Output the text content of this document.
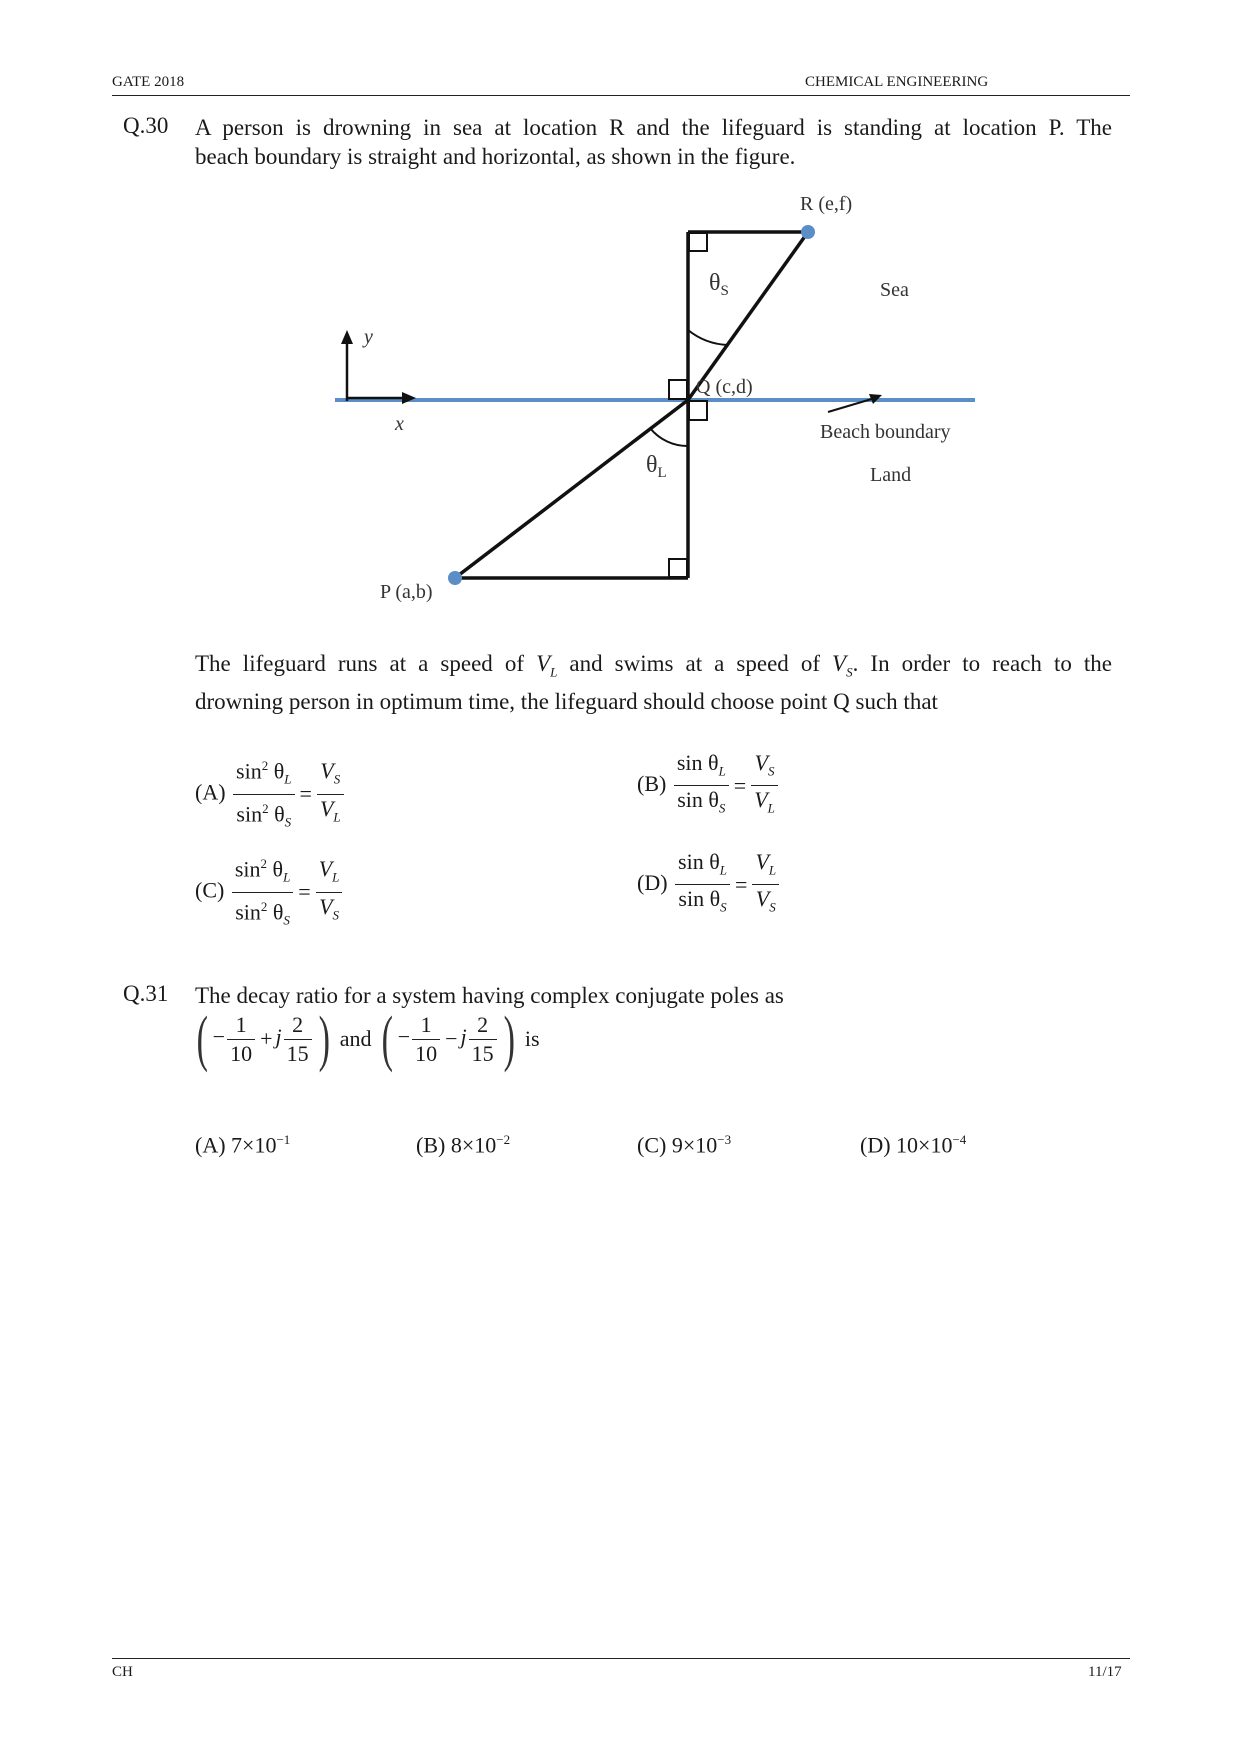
GATE 2018	CHEMICAL ENGINEERING
Q.30 A person is drowning in sea at location R and the lifeguard is standing at location P. The
beach boundary is straight and horizontal, as shown in the figure.
y
x
R (e,f)
Q (c,d)
P (a,b)
Sea
Land
Beach boundary
$\theta_S$
$\theta_L$
The lifeguard runs at a speed of $V_L$ and swims at a speed of $V_S$. In order to reach to the
drowning person in optimum time, the lifeguard should choose point Q such that
$(A) \frac{\sin^2 \theta_L}{\sin^2 \theta_S} = \frac{V_S}{V_L}$	$(B) \frac{\sin \theta_L}{\sin \theta_S} = \frac{V_S}{V_L}$
$(C) \frac{\sin^2 \theta_L}{\sin^2 \theta_S} = \frac{V_L}{V_S}$	$(D) \frac{\sin \theta_L}{\sin \theta_S} = \frac{V_L}{V_S}$
Q.31 The decay ratio for a system having complex conjugate poles as
( − $\frac{1}{10} + j \frac{2}{15}$ ) and ( − $\frac{1}{10} - j \frac{2}{15}$ ) is
(A) $7\times 10^{-1}$	(B) $8\times 10^{-2}$	(C) $9\times 10^{-3}$	(D) $10\times 10^{-4}$
CH	11/17
